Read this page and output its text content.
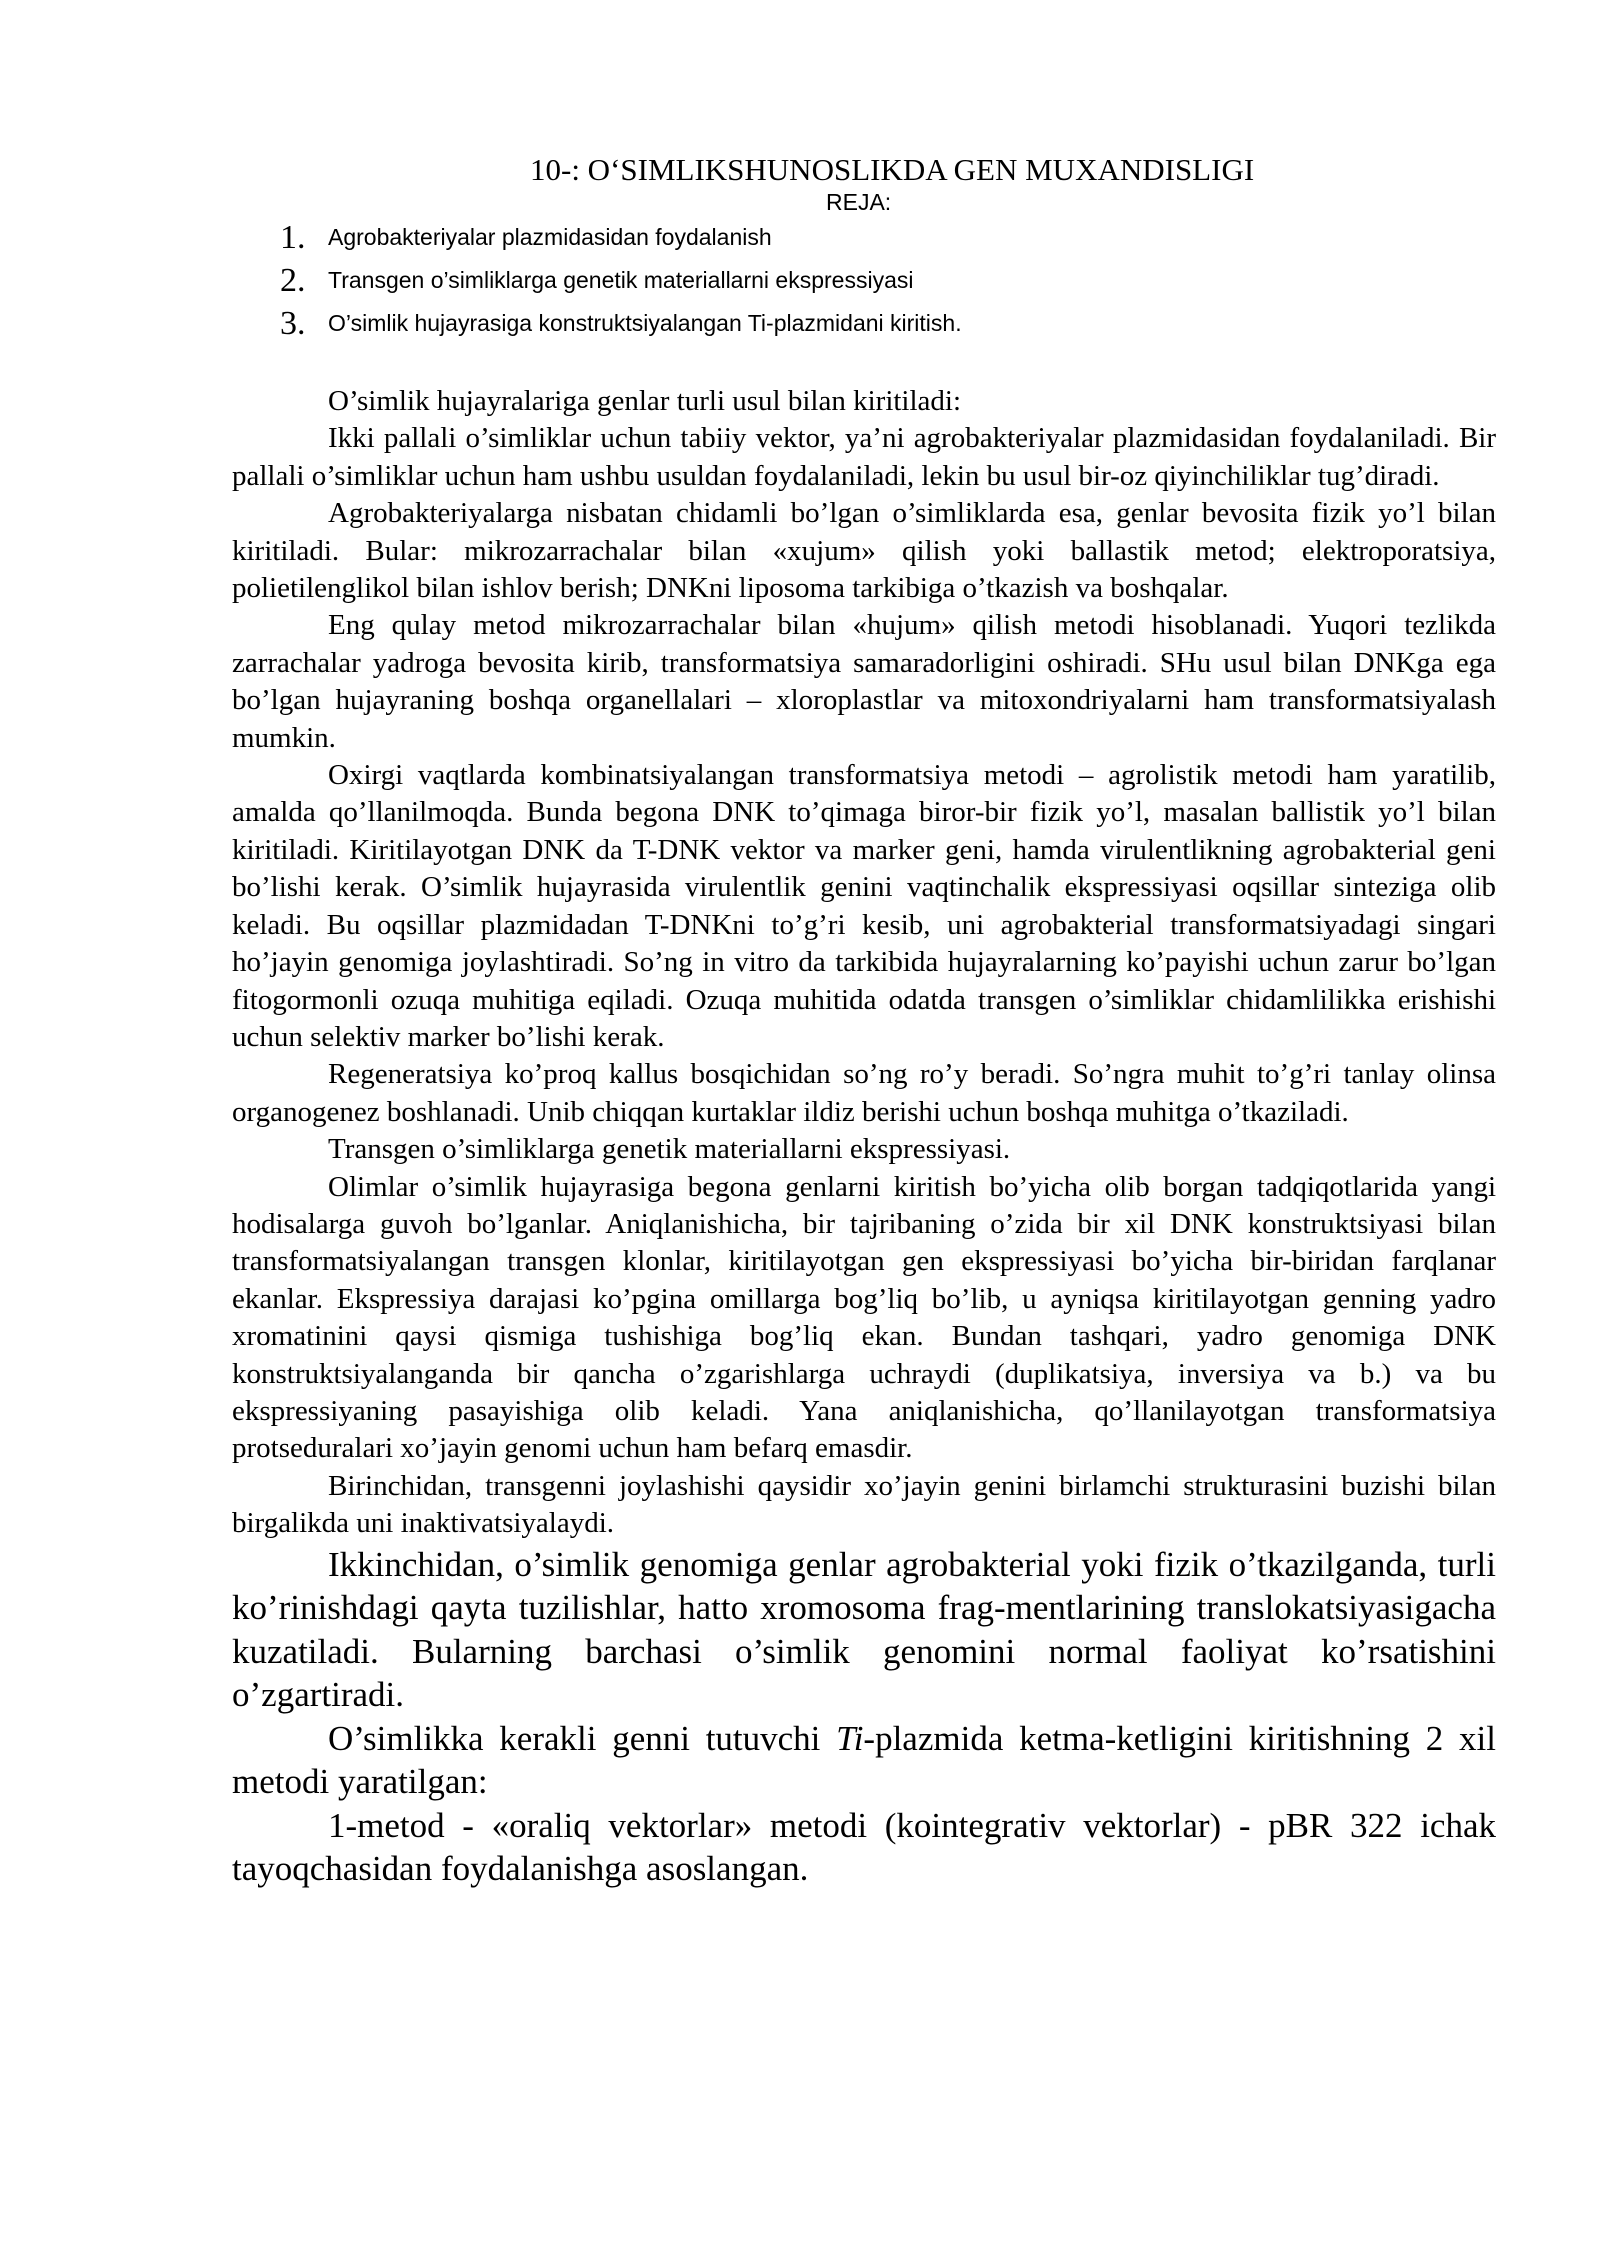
10-: O‘SIMLIKSHUNOSLIKDA GEN MUXANDISLIGI
REJA:
1. Agrobakteriyalar plazmidasidan foydalanish
2. Transgen o’simliklarga genetik materiallarni ekspressiyasi
3. O’simlik hujayrasiga konstruktsiyalangan Ti-plazmidani kiritish.

O’simlik hujayralariga genlar turli usul bilan kiritiladi:

Ikki pallali o’simliklar uchun tabiiy vektor, ya’ni agrobakteriyalar plazmidasidan foydalaniladi. Bir pallali o’simliklar uchun ham ushbu usuldan foydalaniladi, lekin bu usul bir-oz qiyinchiliklar tug’diradi.

Agrobakteriyalarga nisbatan chidamli bo’lgan o’simliklarda esa, genlar bevosita fizik yo’l bilan kiritiladi. Bular: mikrozarrachalar bilan «xujum» qilish yoki ballastik metod; elektroporatsiya, polietilenglikol bilan ishlov berish; DNKni liposoma tarkibiga o’tkazish va boshqalar.

Eng qulay metod mikrozarrachalar bilan «hujum» qilish metodi hisoblanadi. Yuqori tezlikda zarrachalar yadroga bevosita kirib, transformatsiya samaradorligini oshiradi. SHu usul bilan DNKga ega bo’lgan hujayraning boshqa organellalari – xloroplastlar va mitoxondriyalarni ham transformatsiyalash mumkin.

Oxirgi vaqtlarda kombinatsiyalangan transformatsiya metodi – agrolistik metodi ham yaratilib, amalda qo’llanilmoqda. Bunda begona DNK to’qimaga biror-bir fizik yo’l, masalan ballistik yo’l bilan kiritiladi. Kiritilayotgan DNK da T-DNK vektor va marker geni, hamda virulentlikning agrobakterial geni bo’lishi kerak. O’simlik hujayrasida virulentlik genini vaqtinchalik ekspressiyasi oqsillar sinteziga olib keladi. Bu oqsillar plazmidadan T-DNKni to’g’ri kesib, uni agrobakterial transformatsiyadagi singari ho’jayin genomiga joylashtiradi. So’ng in vitro da tarkibida hujayralarning ko’payishi uchun zarur bo’lgan fitogormonli ozuqa muhitiga eqiladi. Ozuqa muhitida odatda transgen o’simliklar chidamlilikka erishishi uchun selektiv marker bo’lishi kerak.

Regeneratsiya ko’proq kallus bosqichidan so’ng ro’y beradi. So’ngra muhit to’g’ri tanlay olinsa organogenez boshlanadi. Unib chiqqan kurtaklar ildiz berishi uchun boshqa muhitga o’tkaziladi.

Transgen o’simliklarga genetik materiallarni ekspressiyasi.

Olimlar o’simlik hujayrasiga begona genlarni kiritish bo’yicha olib borgan tadqiqotlarida yangi hodisalarga guvoh bo’lganlar. Aniqlanishicha, bir tajribaning o’zida bir xil DNK konstruktsiyasi bilan transformatsiyalangan transgen klonlar, kiritilayotgan gen ekspressiyasi bo’yicha bir-biridan farqlanar ekanlar. Ekspressiya darajasi ko’pgina omillarga bog’liq bo’lib, u ayniqsa kiritilayotgan genning yadro xromatinini qaysi qismiga tushishiga bog’liq ekan. Bundan tashqari, yadro genomiga DNK konstruktsiyalanganda bir qancha o’zgarishlarga uchraydi (duplikatsiya, inversiya va b.) va bu ekspressiyaning pasayishiga olib keladi. Yana aniqlanishicha, qo’llanilayotgan transformatsiya protseduralari xo’jayin genomi uchun ham befarq emasdir.

Birinchidan, transgenni joylashishi qaysidir xo’jayin genini birlamchi strukturasini buzishi bilan birgalikda uni inaktivatsiyalaydi.

Ikkinchidan, o’simlik genomiga genlar agrobakterial yoki fizik o’tkazilganda, turli ko’rinishdagi qayta tuzilishlar, hatto xromosoma frag-mentlarining translokatsiyasigacha kuzatiladi. Bularning barchasi o’simlik genomini normal faoliyat ko’rsatishini o’zgartiradi.

O’simlikka kerakli genni tutuvchi Ti-plazmida ketma-ketligini kiritishning 2 xil metodi yaratilgan:

1-metod - «oraliq vektorlar» metodi (kointegrativ vektorlar) - pBR 322 ichak tayoqchasidan foydalanishga asoslangan.
